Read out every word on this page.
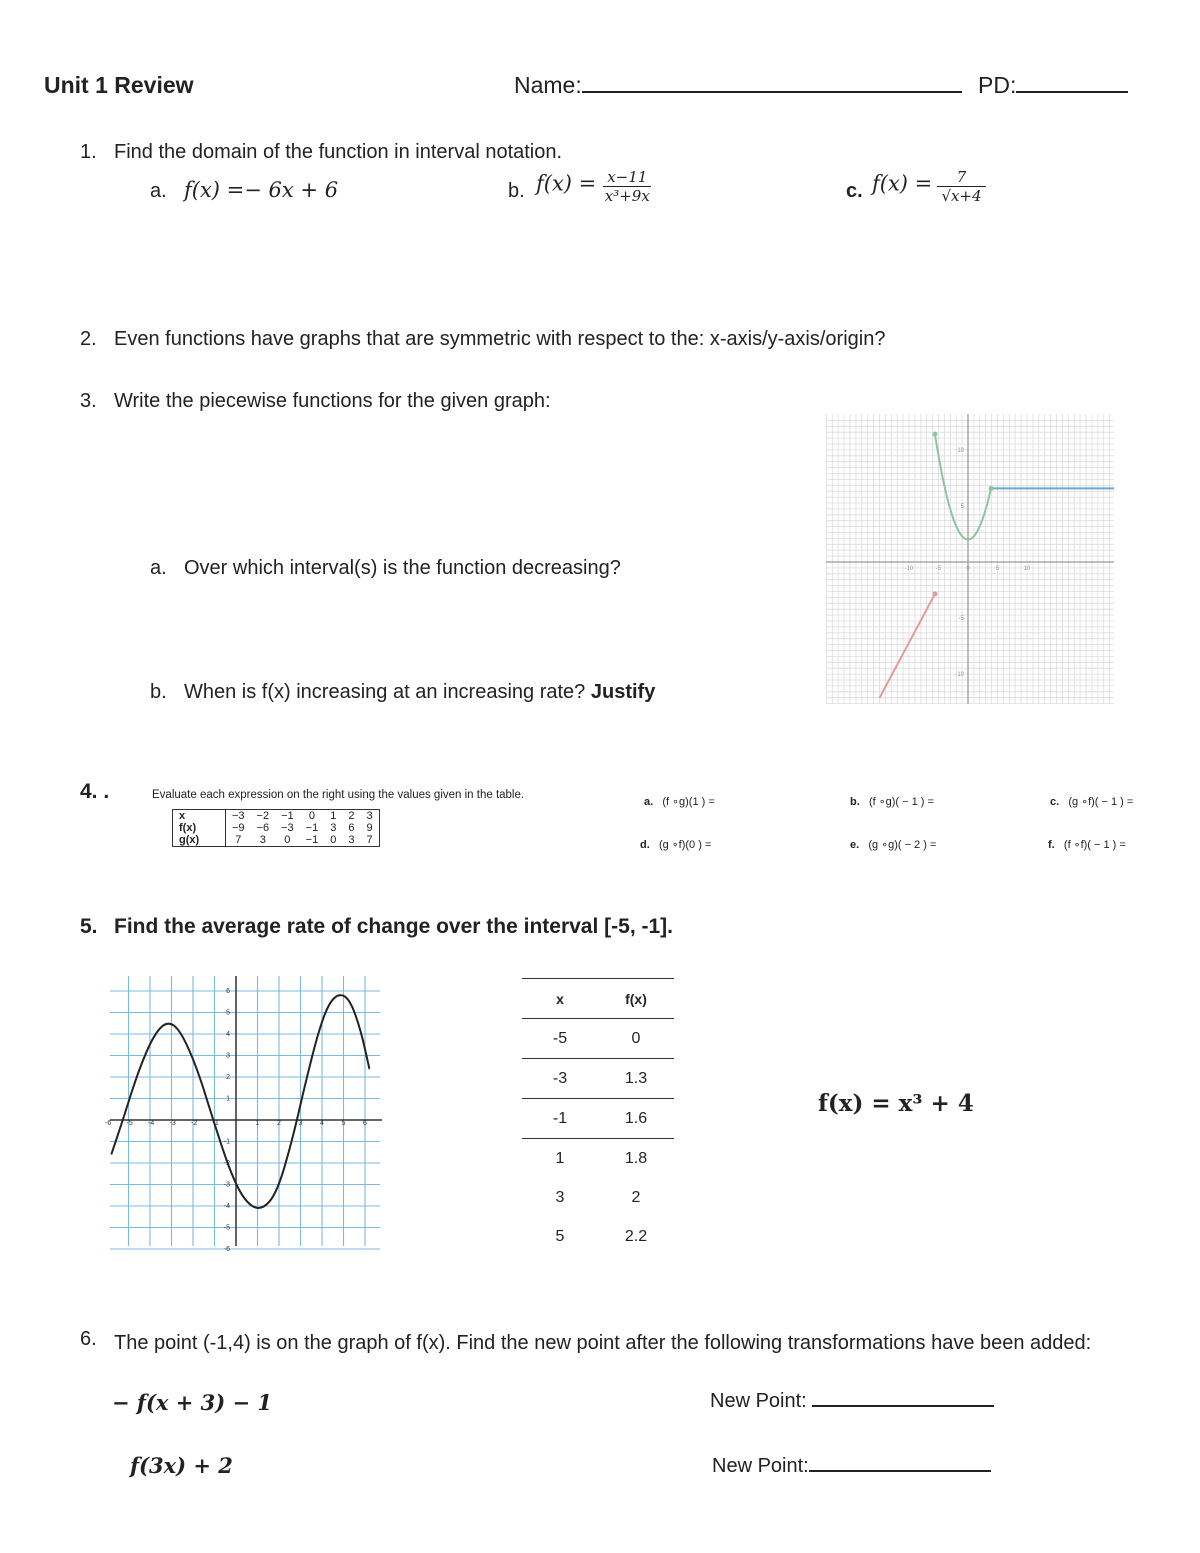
Unit 1 Review	Name:	PD:
1. Find the domain of the function in interval notation.
a. f(x) =− 6x + 6	b. $f(x) = \frac{x-11}{\text{x³+9x}}$	c. $f(x) = \frac{7}{√x+4}$
2. Even functions have graphs that are symmetric with respect to the: x-axis/y-axis/origin?
3. Write the piecewise functions for the given graph:
a. Over which interval(s) is the function decreasing?
b. When is f(x) increasing at an increasing rate? Justify
-10	-5	0	5	10
10
5
-5
-10
4. .	Evaluate each expression on the right using the values given in the table.
x	−3	−2	−1	0	1	2	3
f(x)	−9	−6	−3	−1	3	6	9
g(x)	7	3	0	−1	0	3	7
a. (f ∘g)(1 ) =	b. (f ∘g)( − 1 ) =	c. (g ∘f)( − 1 ) =
d. (g ∘f)(0 ) =	e. (g ∘g)( − 2 ) =	f. (f ∘f)( − 1 ) =
5. Find the average rate of change over the interval [-5, -1].
-6 -5 -4 -3 -2 -1	1	2	3	4	5	6
6
5
4
3
2
1
-1
-2
-3
-4
-5
-6
x	f(x)
-5	0
-3	1.3
-1	1.6
1	1.8
3	2
5	2.2
f(x) = x³ + 4
6. The point (-1,4) is on the graph of f(x). Find the new point after the following transformations have been added:
− f(x + 3) − 1	New Point:
f(3x) + 2	New Point:
